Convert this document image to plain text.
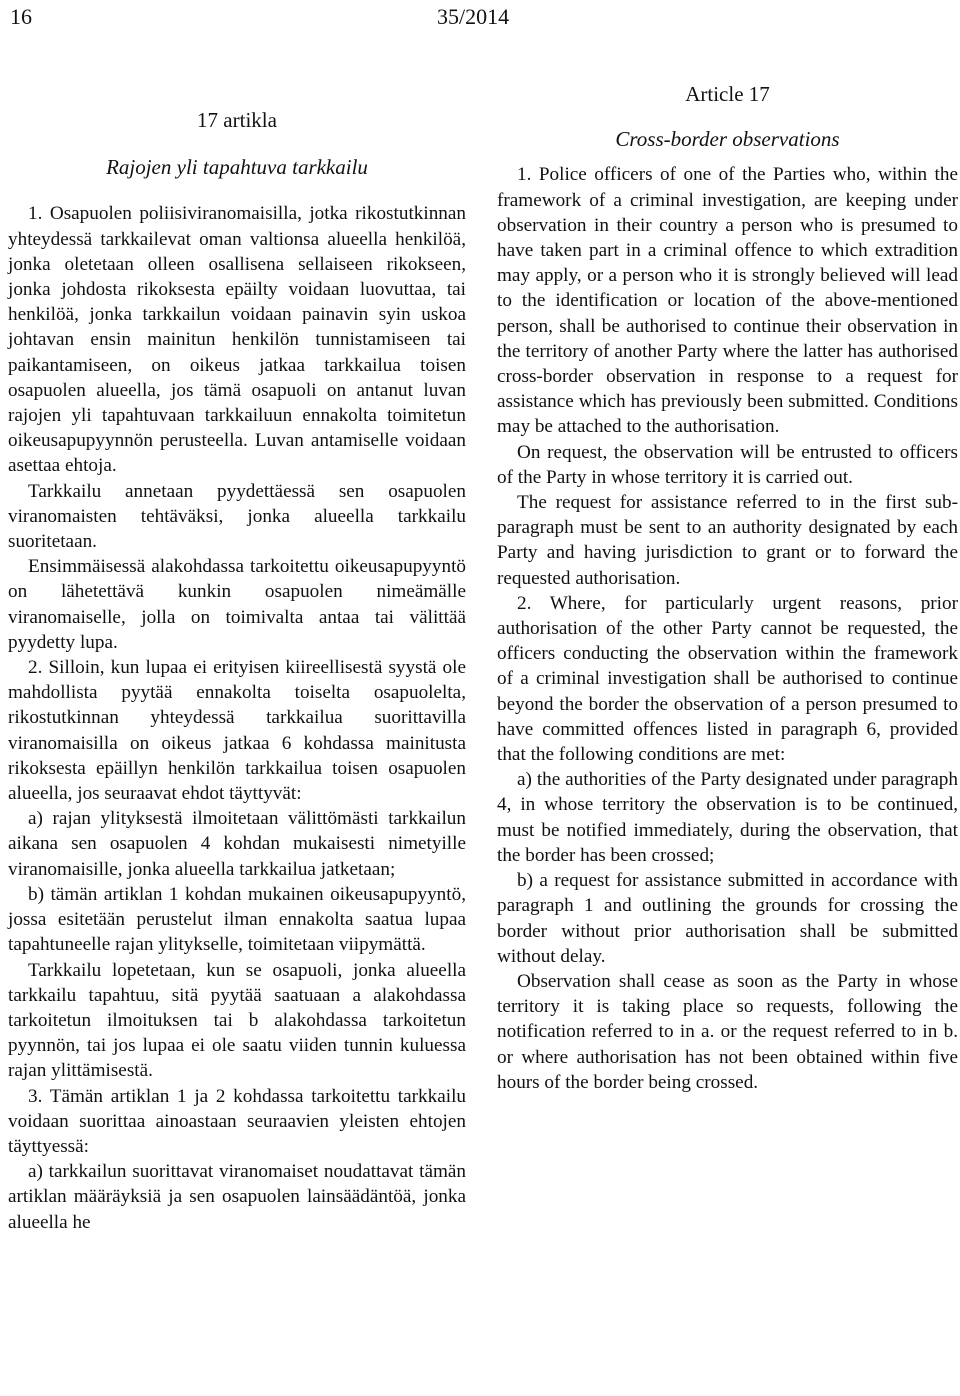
16	35/2014

17 artikla

Rajojen yli tapahtuva tarkkailu

1. Osapuolen poliisiviranomaisilla, jotka rikostutkinnan yhteydessä tarkkailevat oman valtionsa alueella henkilöä, jonka oletetaan olleen osallisena sellaiseen rikokseen, jonka johdosta rikoksesta epäilty voidaan luovuttaa, tai henkilöä, jonka tarkkailun voidaan painavin syin uskoa johtavan ensin mainitun henkilön tunnistamiseen tai paikantamiseen, on oikeus jatkaa tarkkailua toisen osapuolen alueella, jos tämä osapuoli on antanut luvan rajojen yli tapahtuvaan tarkkailuun ennakolta toimitetun oikeusapupyynnön perusteella. Luvan antamiselle voidaan asettaa ehtoja.

Tarkkailu annetaan pyydettäessä sen osapuolen viranomaisten tehtäväksi, jonka alueella tarkkailu suoritetaan.

Ensimmäisessä alakohdassa tarkoitettu oikeusapupyyntö on lähetettävä kunkin osapuolen nimeämälle viranomaiselle, jolla on toimivalta antaa tai välittää pyydetty lupa.

2. Silloin, kun lupaa ei erityisen kiireellisestä syystä ole mahdollista pyytää ennakolta toiselta osapuolelta, rikostutkinnan yhteydessä tarkkailua suorittavilla viranomaisilla on oikeus jatkaa 6 kohdassa mainitusta rikoksesta epäillyn henkilön tarkkailua toisen osapuolen alueella, jos seuraavat ehdot täyttyvät:

a) rajan ylityksestä ilmoitetaan välittömästi tarkkailun aikana sen osapuolen 4 kohdan mukaisesti nimetyille viranomaisille, jonka alueella tarkkailua jatketaan;

b) tämän artiklan 1 kohdan mukainen oikeusapupyyntö, jossa esitetään perustelut ilman ennakolta saatua lupaa tapahtuneelle rajan ylitykselle, toimitetaan viipymättä.

Tarkkailu lopetetaan, kun se osapuoli, jonka alueella tarkkailu tapahtuu, sitä pyytää saatuaan a alakohdassa tarkoitetun ilmoituksen tai b alakohdassa tarkoitetun pyynnön, tai jos lupaa ei ole saatu viiden tunnin kuluessa rajan ylittämisestä.

3. Tämän artiklan 1 ja 2 kohdassa tarkoitettu tarkkailu voidaan suorittaa ainoastaan seuraavien yleisten ehtojen täyttyessä:

a) tarkkailun suorittavat viranomaiset noudattavat tämän artiklan määräyksiä ja sen osapuolen lainsäädäntöä, jonka alueella he

Article 17

Cross-border observations

1. Police officers of one of the Parties who, within the framework of a criminal investigation, are keeping under observation in their country a person who is presumed to have taken part in a criminal offence to which extradition may apply, or a person who it is strongly believed will lead to the identification or location of the above-mentioned person, shall be authorised to continue their observation in the territory of another Party where the latter has authorised cross-border observation in response to a request for assistance which has previously been submitted. Conditions may be attached to the authorisation.

On request, the observation will be entrusted to officers of the Party in whose territory it is carried out.

The request for assistance referred to in the first sub-paragraph must be sent to an authority designated by each Party and having jurisdiction to grant or to forward the requested authorisation.

2. Where, for particularly urgent reasons, prior authorisation of the other Party cannot be requested, the officers conducting the observation within the framework of a criminal investigation shall be authorised to continue beyond the border the observation of a person presumed to have committed offences listed in paragraph 6, provided that the following conditions are met:

a) the authorities of the Party designated under paragraph 4, in whose territory the observation is to be continued, must be notified immediately, during the observation, that the border has been crossed;

b) a request for assistance submitted in accordance with paragraph 1 and outlining the grounds for crossing the border without prior authorisation shall be submitted without delay.

Observation shall cease as soon as the Party in whose territory it is taking place so requests, following the notification referred to in a. or the request referred to in b. or where authorisation has not been obtained within five hours of the border being crossed.
